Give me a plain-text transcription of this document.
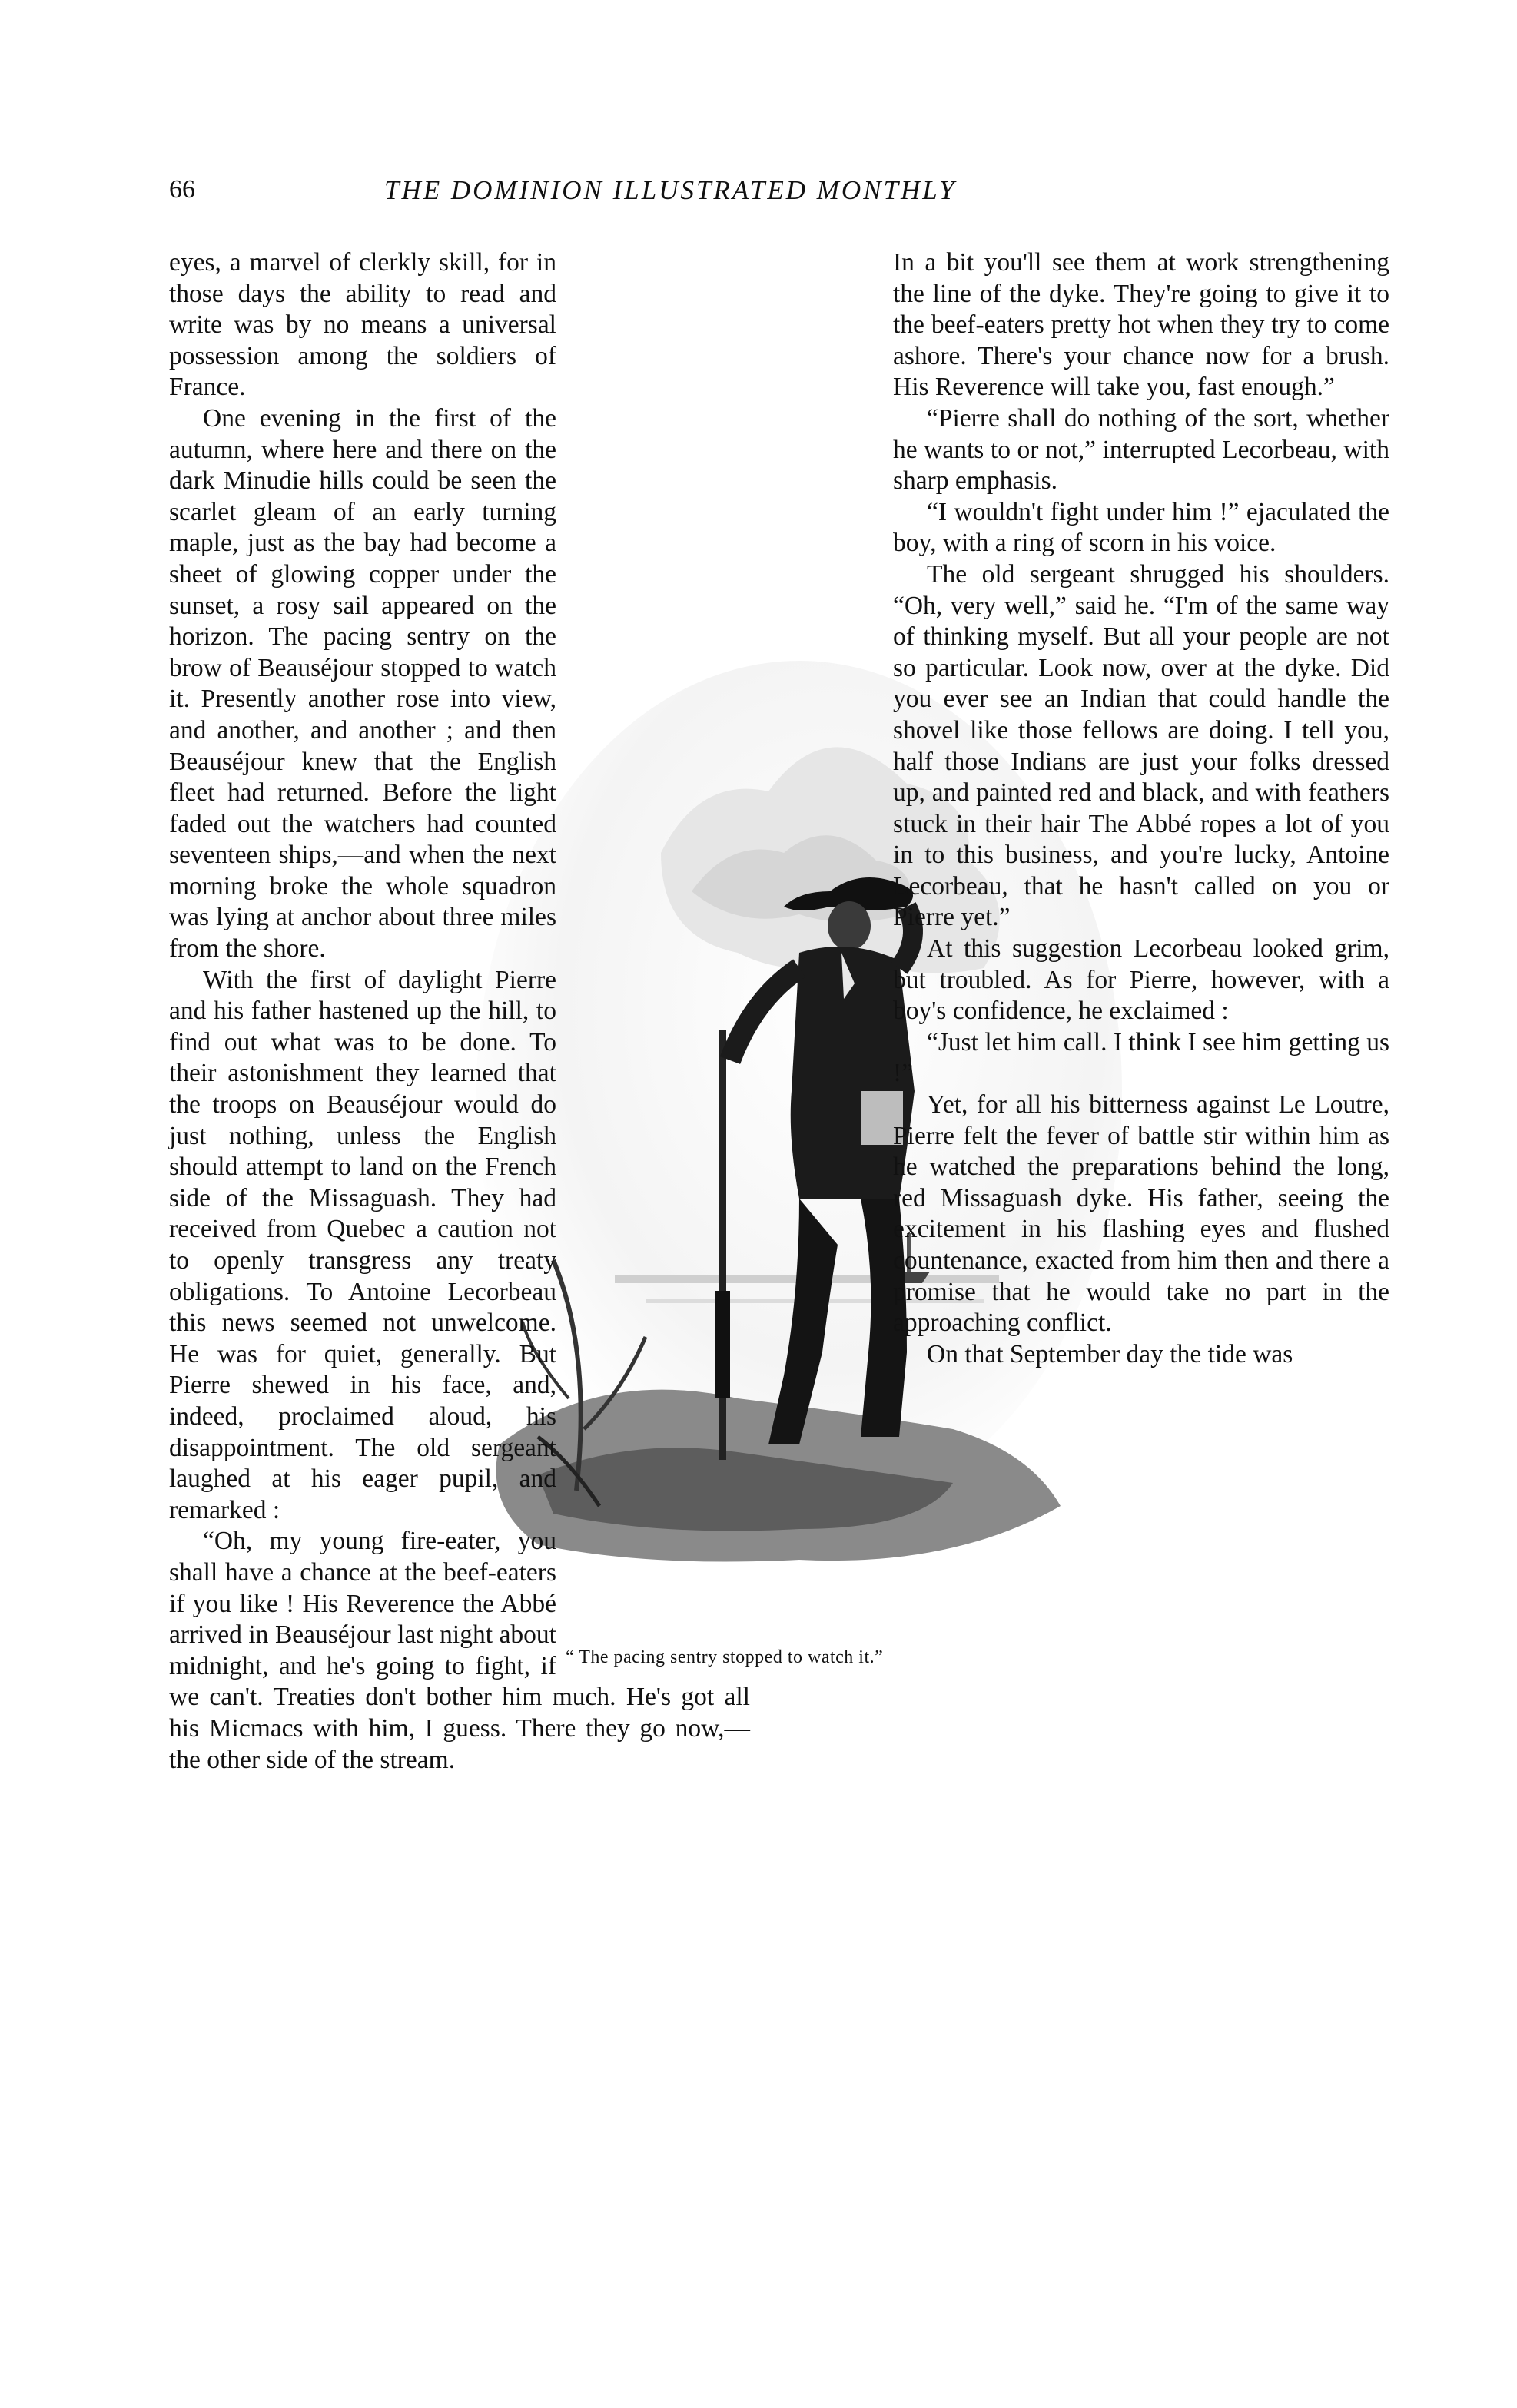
66	THE DOMINION ILLUSTRATED MONTHLY
“ The pacing sentry stopped to watch it.”

eyes, a marvel of clerkly skill, for in those days the ability to read and write was by no means a universal possession among the soldiers of France.

One evening in the first of the autumn, where here and there on the dark Minudie hills could be seen the scarlet gleam of an early turning maple, just as the bay had become a sheet of glowing copper under the sunset, a rosy sail appeared on the horizon. The pacing sentry on the brow of Beauséjour stopped to watch it. Presently another rose into view, and another, and another ; and then Beauséjour knew that the English fleet had returned. Before the light faded out the watchers had counted seventeen ships,—and when the next morning broke the whole squadron was lying at anchor about three miles from the shore.

With the first of daylight Pierre and his father hastened up the hill, to find out what was to be done. To their astonishment they learned that the troops on Beauséjour would do just nothing, unless the English should attempt to land on the French side of the Missaguash. They had received from Quebec a caution not to openly transgress any treaty obligations. To Antoine Lecorbeau this news seemed not unwelcome. He was for quiet, generally. But Pierre shewed in his face, and, indeed, proclaimed aloud, his disappointment. The old sergeant laughed at his eager pupil, and remarked :

“Oh, my young fire-eater, you shall have a chance at the beef-eaters if you like ! His Reverence the Abbé arrived in Beauséjour last night about midnight, and he's going to fight, if we can't. Treaties don't bother him much. He's got all his Micmacs with him, I guess. There they go now,—the other side of the stream.

In a bit you'll see them at work strengthening the line of the dyke. They're going to give it to the beef-eaters pretty hot when they try to come ashore. There's your chance now for a brush. His Reverence will take you, fast enough.”

“Pierre shall do nothing of the sort, whether he wants to or not,” interrupted Lecorbeau, with sharp emphasis.

“I wouldn't fight under him !” ejaculated the boy, with a ring of scorn in his voice.

The old sergeant shrugged his shoulders. “Oh, very well,” said he. “I'm of the same way of thinking myself. But all your people are not so particular. Look now, over at the dyke. Did you ever see an Indian that could handle the shovel like those fellows are doing. I tell you, half those Indians are just your folks dressed up, and painted red and black, and with feathers stuck in their hair The Abbé ropes a lot of you in to this business, and you're lucky, Antoine Lecorbeau, that he hasn't called on you or Pierre yet.”

At this suggestion Lecorbeau looked grim, but troubled. As for Pierre, however, with a boy's confidence, he exclaimed :

“Just let him call. I think I see him getting us !”

Yet, for all his bitterness against Le Loutre, Pierre felt the fever of battle stir within him as he watched the preparations behind the long, red Missaguash dyke. His father, seeing the excitement in his flashing eyes and flushed countenance, exacted from him then and there a promise that he would take no part in the approaching conflict.

On that September day the tide was
